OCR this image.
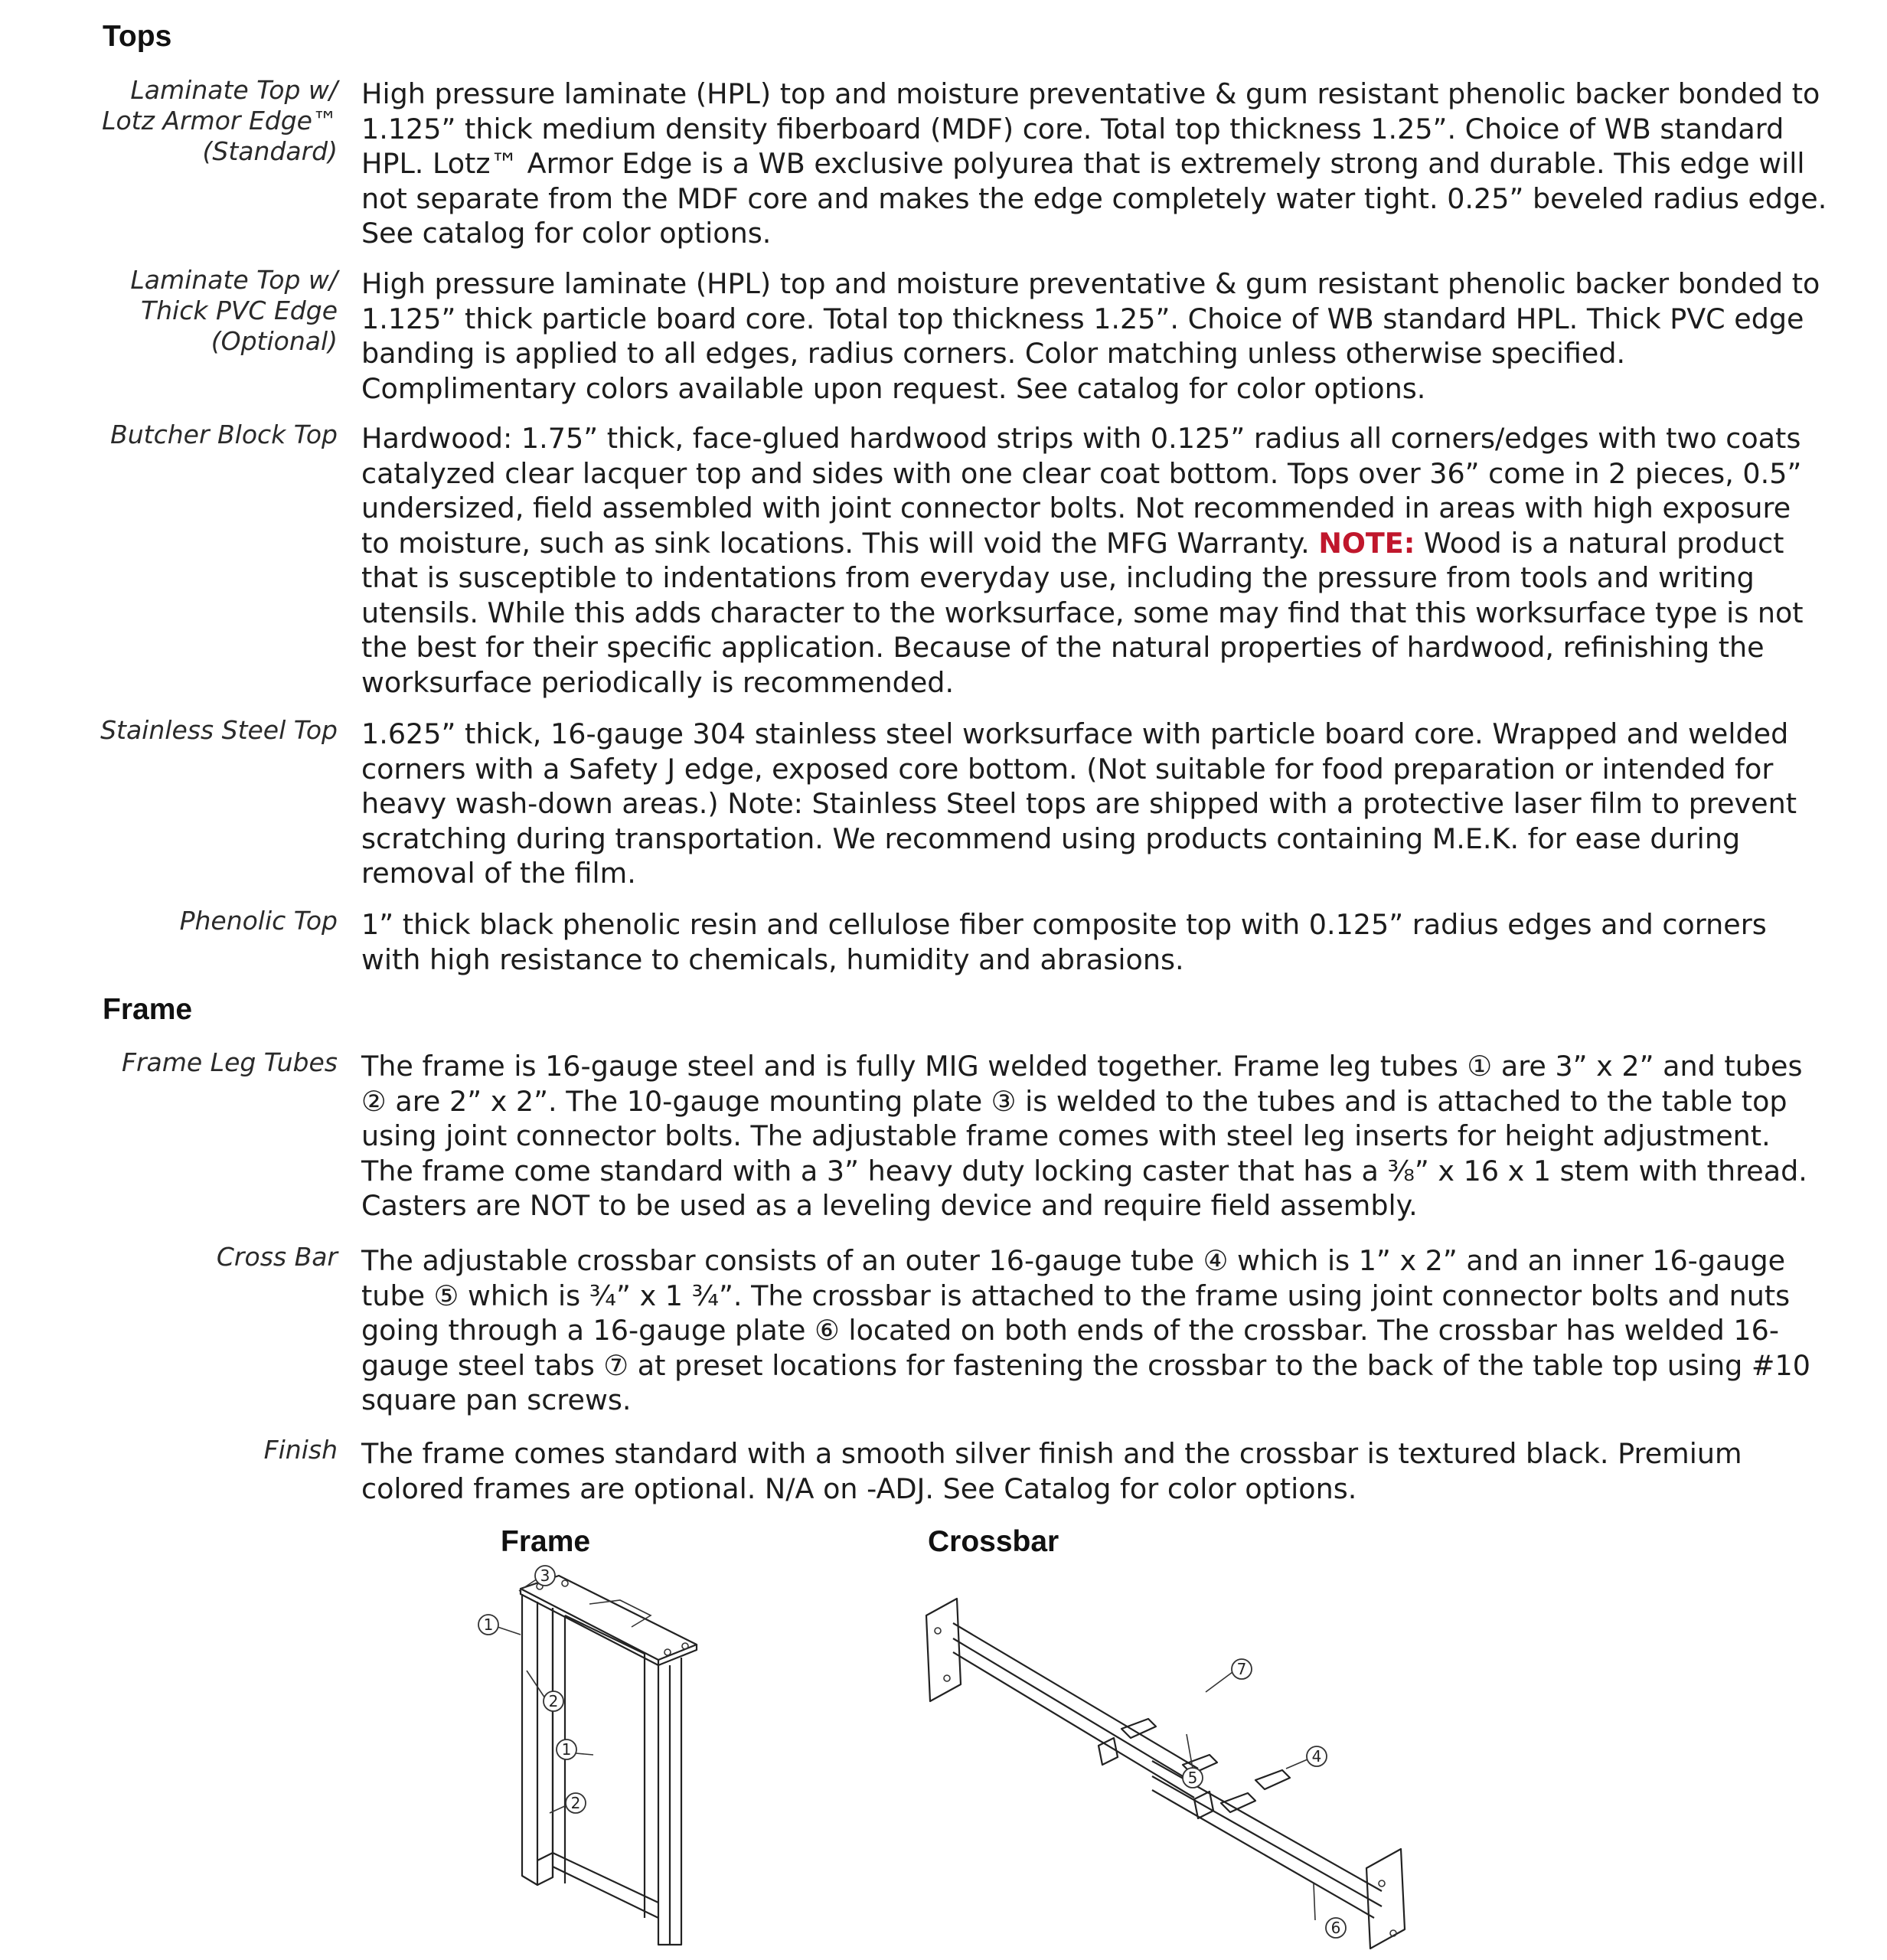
Tops
Laminate Top w/
Lotz Armor Edge™
(Standard)
High pressure laminate (HPL) top and moisture preventative & gum resistant phenolic backer bonded to 1.125” thick medium density fiberboard (MDF) core. Total top thickness 1.25”. Choice of WB standard HPL. Lotz™ Armor Edge is a WB exclusive polyurea that is extremely strong and durable. This edge will not separate from the MDF core and makes the edge completely water tight. 0.25” beveled radius edge. See catalog for color options.
Laminate Top w/
Thick PVC Edge
(Optional)
High pressure laminate (HPL) top and moisture preventative & gum resistant phenolic backer bonded to 1.125” thick particle board core. Total top thickness 1.25”. Choice of WB standard HPL. Thick PVC edge banding is applied to all edges, radius corners. Color matching unless otherwise specified. Complimentary colors available upon request. See catalog for color options.
Butcher Block Top Hardwood: 1.75” thick, face-glued hardwood strips with 0.125” radius all corners/edges with two coats catalyzed clear lacquer top and sides with one clear coat bottom. Tops over 36” come in 2 pieces, 0.5” undersized, field assembled with joint connector bolts. Not recommended in areas with high exposure to moisture, such as sink locations. This will void the MFG Warranty. NOTE: Wood is a natural product that is susceptible to indentations from everyday use, including the pressure from tools and writing utensils. While this adds character to the worksurface, some may find that this worksurface type is not the best for their specific application. Because of the natural properties of hardwood, refinishing the worksurface periodically is recommended.
Stainless Steel Top 1.625” thick, 16-gauge 304 stainless steel worksurface with particle board core. Wrapped and welded corners with a Safety J edge, exposed core bottom. (Not suitable for food preparation or intended for heavy wash-down areas.) Note: Stainless Steel tops are shipped with a protective laser film to prevent scratching during transportation. We recommend using products containing M.E.K. for ease during removal of the film.
Phenolic Top 1” thick black phenolic resin and cellulose fiber composite top with 0.125” radius edges and corners with high resistance to chemicals, humidity and abrasions.
Frame
Frame Leg Tubes The frame is 16-gauge steel and is fully MIG welded together. Frame leg tubes ① are 3” x 2” and tubes ② are 2” x 2”. The 10-gauge mounting plate ③ is welded to the tubes and is attached to the table top using joint connector bolts. The adjustable frame comes with steel leg inserts for height adjustment. The frame come standard with a 3” heavy duty locking caster that has a ³⁄₈” x 16 x 1 stem with thread. Casters are NOT to be used as a leveling device and require field assembly.
Cross Bar The adjustable crossbar consists of an outer 16-gauge tube ④ which is 1” x 2” and an inner 16-gauge tube ⑤ which is ³⁄₄” x 1 ³⁄₄”. The crossbar is attached to the frame using joint connector bolts and nuts going through a 16-gauge plate ⑥ located on both ends of the crossbar. The crossbar has welded 16-gauge steel tabs ⑦ at preset locations for fastening the crossbar to the back of the table top using #10 square pan screws.
Finish The frame comes standard with a smooth silver finish and the crossbar is textured black. Premium colored frames are optional. N/A on -ADJ. See Catalog for color options.
Frame	Crossbar
3
1
2
1
2
7
4
5
6
